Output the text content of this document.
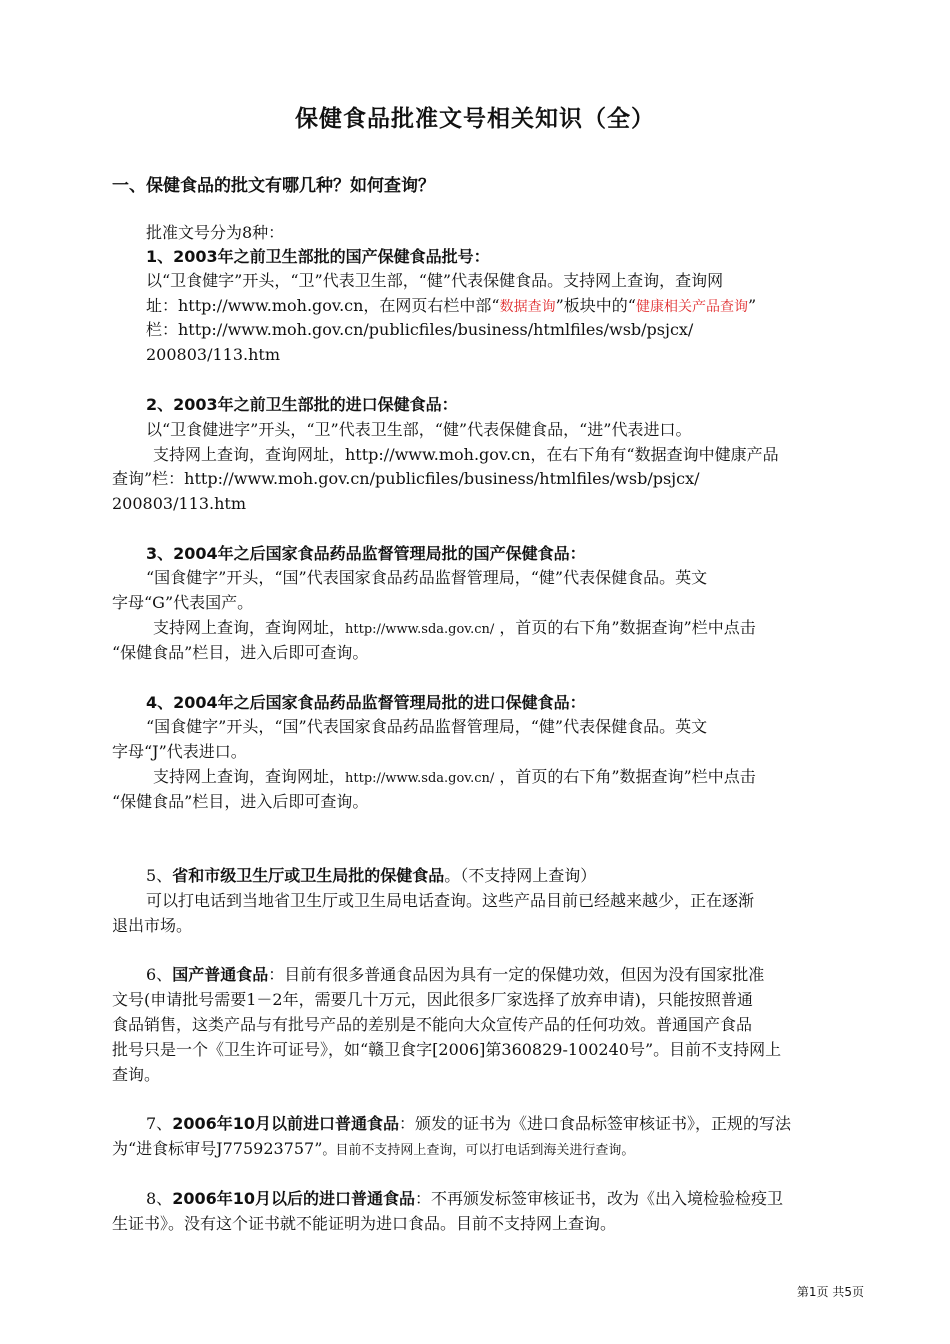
保健食品批准文号相关知识（全）
一、保健食品的批文有哪几种？如何查询？
批准文号分为8种：
1、2003年之前卫生部批的国产保健食品批号：
以“卫食健字”开头，“卫”代表卫生部，“健”代表保健食品。支持网上查询，查询网
址：http://www.moh.gov.cn，在网页右栏中部“数据查询”板块中的“健康相关产品查询”
栏：http://www.moh.gov.cn/publicfiles/business/htmlfiles/wsb/psjcx/
200803/113.htm
2、2003年之前卫生部批的进口保健食品：
以“卫食健进字”开头，“卫”代表卫生部，“健”代表保健食品，“进”代表进口。
支持网上查询，查询网址，http://www.moh.gov.cn，在右下角有“数据查询中健康产品
查询”栏：http://www.moh.gov.cn/publicfiles/business/htmlfiles/wsb/psjcx/
200803/113.htm
3、2004年之后国家食品药品监督管理局批的国产保健食品：
“国食健字”开头，“国”代表国家食品药品监督管理局，“健”代表保健食品。英文
字母“G”代表国产。
支持网上查询，查询网址，http://www.sda.gov.cn/ ，首页的右下角”数据查询”栏中点击
“保健食品”栏目，进入后即可查询。
4、2004年之后国家食品药品监督管理局批的进口保健食品：
“国食健字”开头，“国”代表国家食品药品监督管理局，“健”代表保健食品。英文
字母“J”代表进口。
支持网上查询，查询网址，http://www.sda.gov.cn/ ，首页的右下角”数据查询”栏中点击
“保健食品”栏目，进入后即可查询。
5、省和市级卫生厅或卫生局批的保健食品。（不支持网上查询）
可以打电话到当地省卫生厅或卫生局电话查询。这些产品目前已经越来越少，正在逐渐
退出市场。
6、国产普通食品：目前有很多普通食品因为具有一定的保健功效，但因为没有国家批准
文号(申请批号需要1－2年，需要几十万元，因此很多厂家选择了放弃申请)，只能按照普通
食品销售，这类产品与有批号产品的差别是不能向大众宣传产品的任何功效。普通国产食品
批号只是一个《卫生许可证号》，如“赣卫食字[2006]第360829-100240号”。目前不支持网上
查询。
7、2006年10月以前进口普通食品：颁发的证书为《进口食品标签审核证书》，正规的写法
为“进食标审号J775923757”。目前不支持网上查询，可以打电话到海关进行查询。
8、2006年10月以后的进口普通食品：不再颁发标签审核证书，改为《出入境检验检疫卫
生证书》。没有这个证书就不能证明为进口食品。目前不支持网上查询。
第1页 共5页
